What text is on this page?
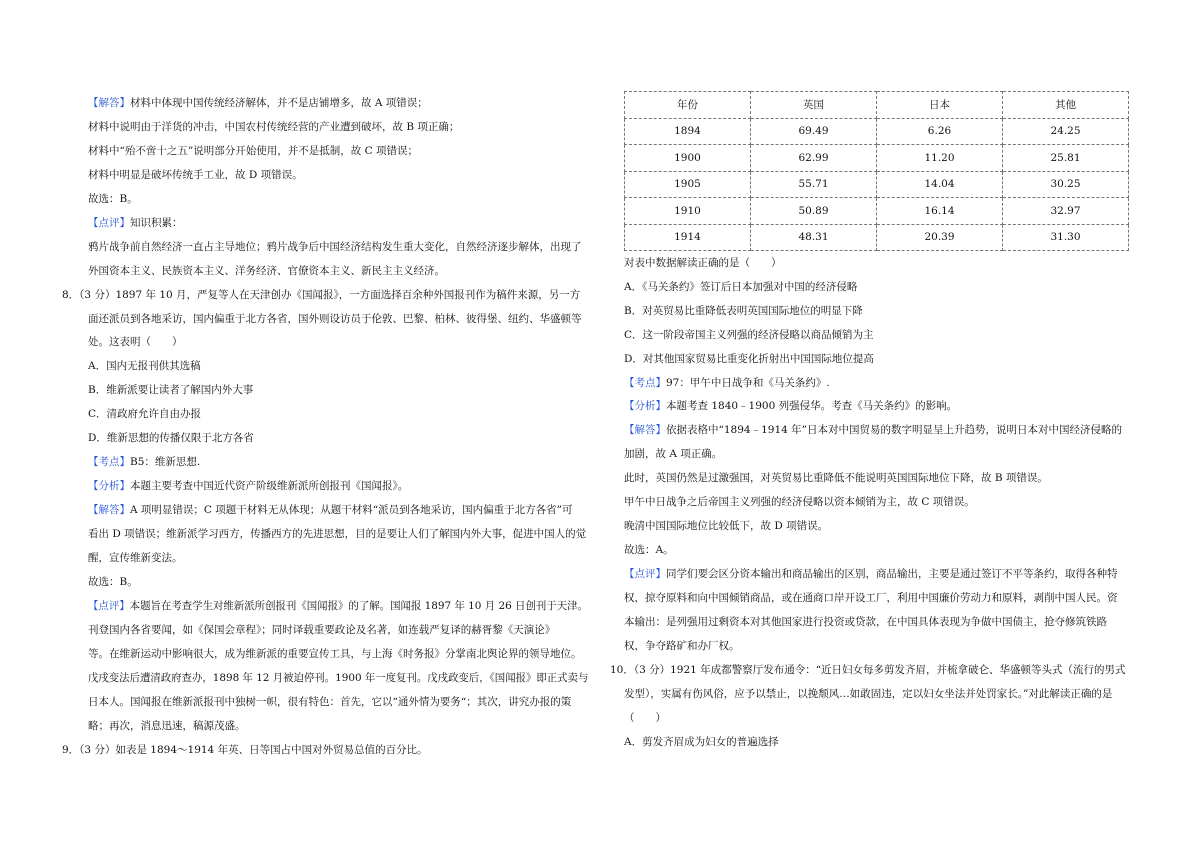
【解答】材料中体现中国传统经济解体，并不是店铺增多，故 A 项错误；
材料中说明由于洋货的冲击，中国农村传统经营的产业遭到破坏，故 B 项正确；
材料中“殆不啻十之五”说明部分开始使用，并不是抵制，故 C 项错误；
材料中明显是破坏传统手工业，故 D 项错误。
故选：B。
【点评】知识积累：
鸦片战争前自然经济一直占主导地位；鸦片战争后中国经济结构发生重大变化，自然经济逐步解体，出现了
外国资本主义、民族资本主义、洋务经济、官僚资本主义、新民主主义经济。
8．（3 分）1897 年 10 月，严复等人在天津创办《国闻报》，一方面选择百余种外国报刊作为稿件来源，另一方
面还派员到各地采访，国内偏重于北方各省，国外则设访员于伦敦、巴黎、柏林、彼得堡、纽约、华盛顿等
处。这表明（　　）
A．国内无报刊供其选稿
B．维新派要让读者了解国内外大事
C．清政府允许自由办报
D．维新思想的传播仅限于北方各省
【考点】B5：维新思想.
【分析】本题主要考查中国近代资产阶级维新派所创报刊《国闻报》。
【解答】A 项明显错误；C 项题干材料无从体现；从题干材料“派员到各地采访，国内偏重于北方各省”可
看出 D 项错误；维新派学习西方，传播西方的先进思想，目的是要让人们了解国内外大事，促进中国人的觉
醒，宣传维新变法。
故选：B。
【点评】本题旨在考查学生对维新派所创报刊《国闻报》的了解。国闻报 1897 年 10 月 26 日创刊于天津。
刊登国内各省要闻，如《保国会章程》；同时译载重要政论及名著，如连载严复译的赫胥黎《天演论》
等。在维新运动中影响很大，成为维新派的重要宣传工具，与上海《时务报》分掌南北舆论界的领导地位。
戊戌变法后遭清政府查办，1898 年 12 月被迫停刊。1900 年一度复刊。戊戌政变后，《国闻报》即正式卖与
日本人。国闻报在维新派报刊中独树一帜，很有特色：首先，它以“通外情为要务“；其次，讲究办报的策
略；再次，消息迅速，稿源茂盛。
9．（3 分）如表是 1894～1914 年英、日等国占中国对外贸易总值的百分比。
年份	英国	日本	其他
1894	69.49	6.26	24.25
1900	62.99	11.20	25.81
1905	55.71	14.04	30.25
1910	50.89	16.14	32.97
1914	48.31	20.39	31.30
对表中数据解读正确的是（　　）
A．《马关条约》签订后日本加强对中国的经济侵略
B．对英贸易比重降低表明英国国际地位的明显下降
C．这一阶段帝国主义列强的经济侵略以商品倾销为主
D．对其他国家贸易比重变化折射出中国国际地位提高
【考点】97：甲午中日战争和《马关条约》.
【分析】本题考查 1840﹣1900 列强侵华。考查《马关条约》的影响。
【解答】依据表格中“1894﹣1914 年”日本对中国贸易的数字明显呈上升趋势，说明日本对中国经济侵略的
加剧，故 A 项正确。
此时，英国仍然是过激强国，对英贸易比重降低不能说明英国国际地位下降，故 B 项错误。
甲午中日战争之后帝国主义列强的经济侵略以资本倾销为主，故 C 项错误。
晚清中国国际地位比较低下，故 D 项错误。
故选：A。
【点评】同学们要会区分资本输出和商品输出的区别，商品输出，主要是通过签订不平等条约，取得各种特
权，掠夺原料和向中国倾销商品，或在通商口岸开设工厂，利用中国廉价劳动力和原料，剥削中国人民。资
本输出：是列强用过剩资本对其他国家进行投资或贷款，在中国具体表现为争做中国债主，抢夺修筑铁路
权，争夺路矿和办厂权。
10．（3 分）1921 年成都警察厅发布通令：“近日妇女每多剪发齐眉，并梳拿破仑、华盛顿等头式（流行的男式
发型），实属有伤风俗，应予以禁止，以挽颓风…如敢固违，定以妇女坐法并处罚家长。”对此解读正确的是
（　　）
A．剪发齐眉成为妇女的普遍选择
